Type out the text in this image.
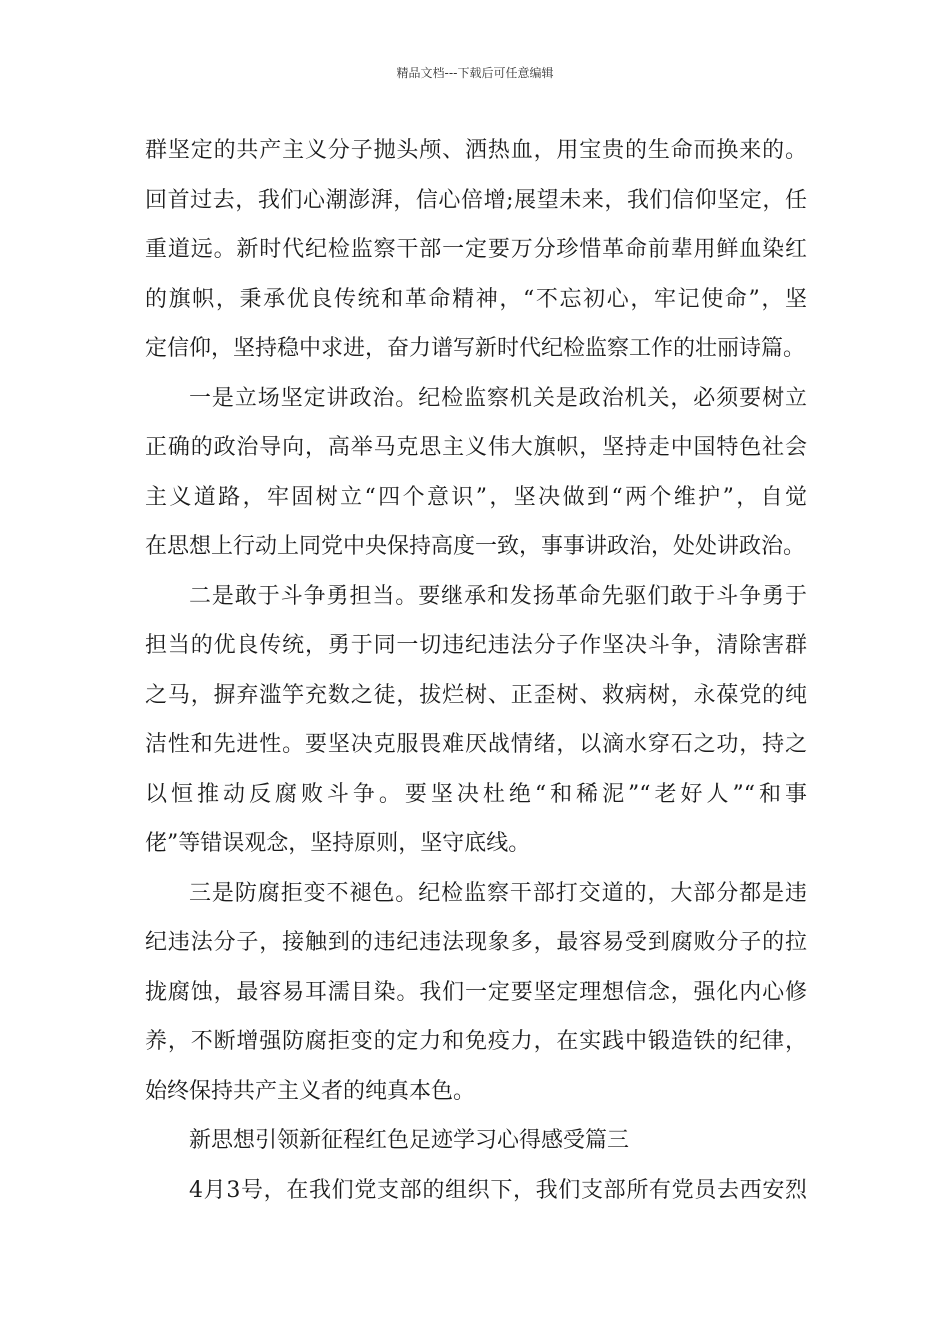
精品文档---下载后可任意编辑
群坚定的共产主义分子抛头颅、洒热血，用宝贵的生命而换来的。
回首过去，我们心潮澎湃，信心倍增;展望未来，我们信仰坚定，任
重道远。新时代纪检监察干部一定要万分珍惜革命前辈用鲜血染红
的旗帜，秉承优良传统和革命精神，“不忘初心，牢记使命”，坚
定信仰，坚持稳中求进，奋力谱写新时代纪检监察工作的壮丽诗篇。
一是立场坚定讲政治。纪检监察机关是政治机关，必须要树立
正确的政治导向，高举马克思主义伟大旗帜，坚持走中国特色社会
主义道路，牢固树立“四个意识”，坚决做到“两个维护”，自觉
在思想上行动上同党中央保持高度一致，事事讲政治，处处讲政治。
二是敢于斗争勇担当。要继承和发扬革命先驱们敢于斗争勇于
担当的优良传统，勇于同一切违纪违法分子作坚决斗争，清除害群
之马，摒弃滥竽充数之徒，拔烂树、正歪树、救病树，永葆党的纯
洁性和先进性。要坚决克服畏难厌战情绪，以滴水穿石之功，持之
以恒推动反腐败斗争。要坚决杜绝“和稀泥”“老好人”“和事
佬”等错误观念，坚持原则，坚守底线。
三是防腐拒变不褪色。纪检监察干部打交道的，大部分都是违
纪违法分子，接触到的违纪违法现象多，最容易受到腐败分子的拉
拢腐蚀，最容易耳濡目染。我们一定要坚定理想信念，强化内心修
养，不断增强防腐拒变的定力和免疫力，在实践中锻造铁的纪律，
始终保持共产主义者的纯真本色。
新思想引领新征程红色足迹学习心得感受篇三
4月3号，在我们党支部的组织下，我们支部所有党员去西安烈
